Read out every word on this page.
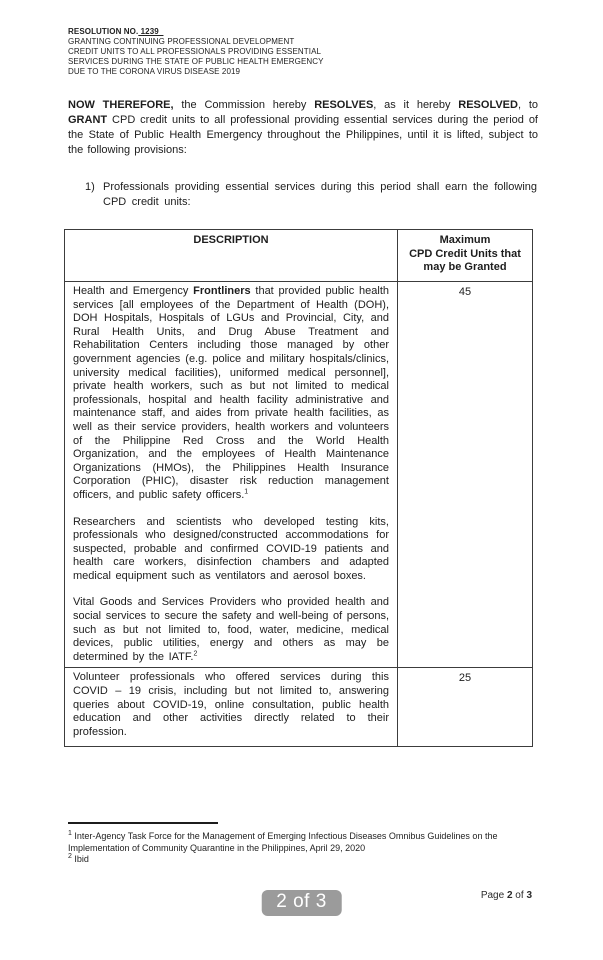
RESOLUTION NO. 1239
GRANTING CONTINUING PROFESSIONAL DEVELOPMENT
CREDIT UNITS TO ALL PROFESSIONALS PROVIDING ESSENTIAL
SERVICES DURING THE STATE OF PUBLIC HEALTH EMERGENCY
DUE TO THE CORONA VIRUS DISEASE 2019

NOW THEREFORE, the Commission hereby RESOLVES, as it hereby RESOLVED, to GRANT CPD credit units to all professional providing essential services during the period of the State of Public Health Emergency throughout the Philippines, until it is lifted, subject to the following provisions:

1) Professionals providing essential services during this period shall earn the following CPD credit units:
DESCRIPTION	Maximum
CPD Credit Units that
may be Granted

Health and Emergency Frontliners that provided public health services [all employees of the Department of Health (DOH), DOH Hospitals, Hospitals of LGUs and Provincial, City, and Rural Health Units, and Drug Abuse Treatment and Rehabilitation Centers including those managed by other government agencies (e.g. police and military hospitals/clinics, university medical facilities), uniformed medical personnel], private health workers, such as but not limited to medical professionals, hospital and health facility administrative and maintenance staff, and aides from private health facilities, as well as their service providers, health workers and volunteers of the Philippine Red Cross and the World Health Organization, and the employees of Health Maintenance Organizations (HMOs), the Philippines Health Insurance Corporation (PHIC), disaster risk reduction management officers, and public safety officers.$^1$

Researchers and scientists who developed testing kits, professionals who designed/constructed accommodations for suspected, probable and confirmed COVID-19 patients and health care workers, disinfection chambers and adapted medical equipment such as ventilators and aerosol boxes.

Vital Goods and Services Providers who provided health and social services to secure the safety and well-being of persons, such as but not limited to, food, water, medicine, medical devices, public utilities, energy and others as may be determined by the IATF.$^2$	45

Volunteer professionals who offered services during this COVID – 19 crisis, including but not limited to, answering queries about COVID-19, online consultation, public health education and other activities directly related to their profession.	25
$^1$ Inter-Agency Task Force for the Management of Emerging Infectious Diseases Omnibus Guidelines on the Implementation of Community Quarantine in the Philippines, April 29, 2020
$^2$ Ibid
2 of 3	Page 2 of 3
